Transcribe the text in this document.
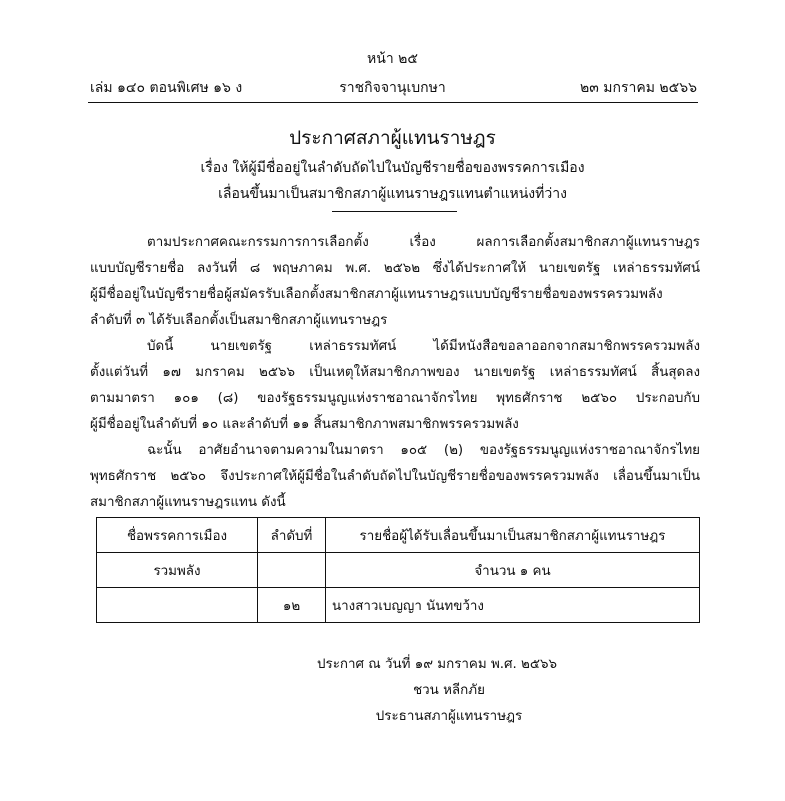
หน้า ๒๕
เล่ม ๑๔๐ ตอนพิเศษ ๑๖ ง	ราชกิจจานุเบกษา	๒๓ มกราคม ๒๕๖๖
ประกาศสภาผู้แทนราษฎร
เรื่อง ให้ผู้มีชื่ออยู่ในลำดับถัดไปในบัญชีรายชื่อของพรรคการเมือง
เลื่อนขึ้นมาเป็นสมาชิกสภาผู้แทนราษฎรแทนตำแหน่งที่ว่าง
ตามประกาศคณะกรรมการการเลือกตั้ง เรื่อง ผลการเลือกตั้งสมาชิกสภาผู้แทนราษฎร
แบบบัญชีรายชื่อ ลงวันที่ ๘ พฤษภาคม พ.ศ. ๒๕๖๒ ซึ่งได้ประกาศให้ นายเขตรัฐ เหล่าธรรมทัศน์
ผู้มีชื่ออยู่ในบัญชีรายชื่อผู้สมัครรับเลือกตั้งสมาชิกสภาผู้แทนราษฎรแบบบัญชีรายชื่อของพรรครวมพลัง
ลำดับที่ ๓ ได้รับเลือกตั้งเป็นสมาชิกสภาผู้แทนราษฎร
บัดนี้ นายเขตรัฐ เหล่าธรรมทัศน์ ได้มีหนังสือขอลาออกจากสมาชิกพรรครวมพลัง
ตั้งแต่วันที่ ๑๗ มกราคม ๒๕๖๖ เป็นเหตุให้สมาชิกภาพของ นายเขตรัฐ เหล่าธรรมทัศน์ สิ้นสุดลง
ตามมาตรา ๑๐๑ (๘) ของรัฐธรรมนูญแห่งราชอาณาจักรไทย พุทธศักราช ๒๕๖๐ ประกอบกับ
ผู้มีชื่ออยู่ในลำดับที่ ๑๐ และลำดับที่ ๑๑ สิ้นสมาชิกภาพสมาชิกพรรครวมพลัง
ฉะนั้น อาศัยอำนาจตามความในมาตรา ๑๐๕ (๒) ของรัฐธรรมนูญแห่งราชอาณาจักรไทย
พุทธศักราช ๒๕๖๐ จึงประกาศให้ผู้มีชื่อในลำดับถัดไปในบัญชีรายชื่อของพรรครวมพลัง เลื่อนขึ้นมาเป็น
สมาชิกสภาผู้แทนราษฎรแทน ดังนี้
ชื่อพรรคการเมือง	ลำดับที่	รายชื่อผู้ได้รับเลื่อนขึ้นมาเป็นสมาชิกสภาผู้แทนราษฎร
รวมพลัง		จำนวน ๑ คน
	๑๒	นางสาวเบญญา นันทขว้าง
ประกาศ ณ วันที่ ๑๙ มกราคม พ.ศ. ๒๕๖๖
ชวน หลีกภัย
ประธานสภาผู้แทนราษฎร
